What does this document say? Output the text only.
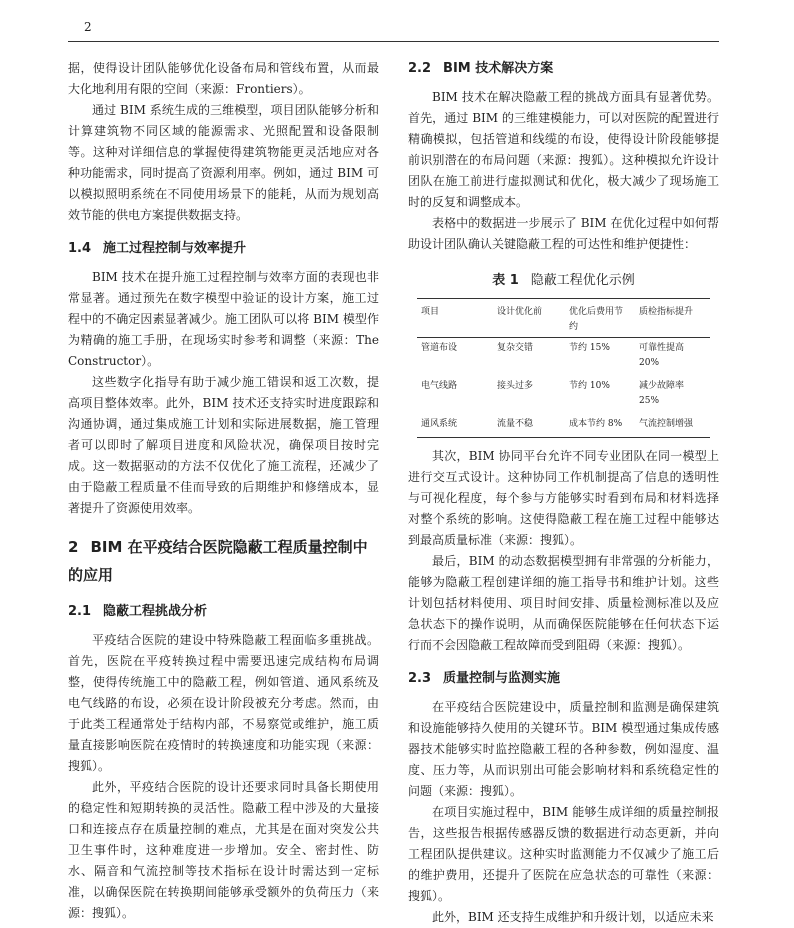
2

据，使得设计团队能够优化设备布局和管线布置，从而最大化地利用有限的空间（来源：Frontiers）。

通过 BIM 系统生成的三维模型，项目团队能够分析和计算建筑物不同区域的能源需求、光照配置和设备限制等。这种对详细信息的掌握使得建筑物能更灵活地应对各种功能需求，同时提高了资源利用率。例如，通过 BIM 可以模拟照明系统在不同使用场景下的能耗，从而为规划高效节能的供电方案提供数据支持。

1.4 施工过程控制与效率提升

BIM 技术在提升施工过程控制与效率方面的表现也非常显著。通过预先在数字模型中验证的设计方案，施工过程中的不确定因素显著减少。施工团队可以将 BIM 模型作为精确的施工手册，在现场实时参考和调整（来源：The Constructor）。

这些数字化指导有助于减少施工错误和返工次数，提高项目整体效率。此外，BIM 技术还支持实时进度跟踪和沟通协调，通过集成施工计划和实际进展数据，施工管理者可以即时了解项目进度和风险状况，确保项目按时完成。这一数据驱动的方法不仅优化了施工流程，还减少了由于隐蔽工程质量不佳而导致的后期维护和修缮成本，显著提升了资源使用效率。

2 BIM 在平疫结合医院隐蔽工程质量控制中的应用
2.1 隐蔽工程挑战分析

平疫结合医院的建设中特殊隐蔽工程面临多重挑战。首先，医院在平疫转换过程中需要迅速完成结构布局调整，使得传统施工中的隐蔽工程，例如管道、通风系统及电气线路的布设，必须在设计阶段被充分考虑。然而，由于此类工程通常处于结构内部，不易察觉或维护，施工质量直接影响医院在疫情时的转换速度和功能实现（来源：搜狐）。

此外，平疫结合医院的设计还要求同时具备长期使用的稳定性和短期转换的灵活性。隐蔽工程中涉及的大量接口和连接点存在质量控制的难点，尤其是在面对突发公共卫生事件时，这种难度进一步增加。安全、密封性、防水、隔音和气流控制等技术指标在设计时需达到一定标准，以确保医院在转换期间能够承受额外的负荷压力（来源：搜狐）。

2.2 BIM 技术解决方案

BIM 技术在解决隐蔽工程的挑战方面具有显著优势。首先，通过 BIM 的三维建模能力，可以对医院的配置进行精确模拟，包括管道和线缆的布设，使得设计阶段能够提前识别潜在的布局问题（来源：搜狐）。这种模拟允许设计团队在施工前进行虚拟测试和优化，极大减少了现场施工时的反复和调整成本。

表格中的数据进一步展示了 BIM 在优化过程中如何帮助设计团队确认关键隐蔽工程的可达性和维护便捷性：

表 1 隐蔽工程优化示例
项目	设计优化前	优化后费用节约	质检指标提升
管道布设	复杂交错	节约 15%	可靠性提高 20%
电气线路	接头过多	节约 10%	减少故障率 25%
通风系统	流量不稳	成本节约 8%	气流控制增强

其次，BIM 协同平台允许不同专业团队在同一模型上进行交互式设计。这种协同工作机制提高了信息的透明性与可视化程度，每个参与方能够实时看到布局和材料选择对整个系统的影响。这使得隐蔽工程在施工过程中能够达到最高质量标准（来源：搜狐）。

最后，BIM 的动态数据模型拥有非常强的分析能力，能够为隐蔽工程创建详细的施工指导书和维护计划。这些计划包括材料使用、项目时间安排、质量检测标准以及应急状态下的操作说明，从而确保医院能够在任何状态下运行而不会因隐蔽工程故障而受到阻碍（来源：搜狐）。

2.3 质量控制与监测实施

在平疫结合医院建设中，质量控制和监测是确保建筑和设施能够持久使用的关键环节。BIM 模型通过集成传感器技术能够实时监控隐蔽工程的各种参数，例如湿度、温度、压力等，从而识别出可能会影响材料和系统稳定性的问题（来源：搜狐）。

在项目实施过程中，BIM 能够生成详细的质量控制报告，这些报告根据传感器反馈的数据进行动态更新，并向工程团队提供建议。这种实时监测能力不仅减少了施工后的维护费用，还提升了医院在应急状态的可靠性（来源：搜狐）。

此外，BIM 还支持生成维护和升级计划，以适应未来
